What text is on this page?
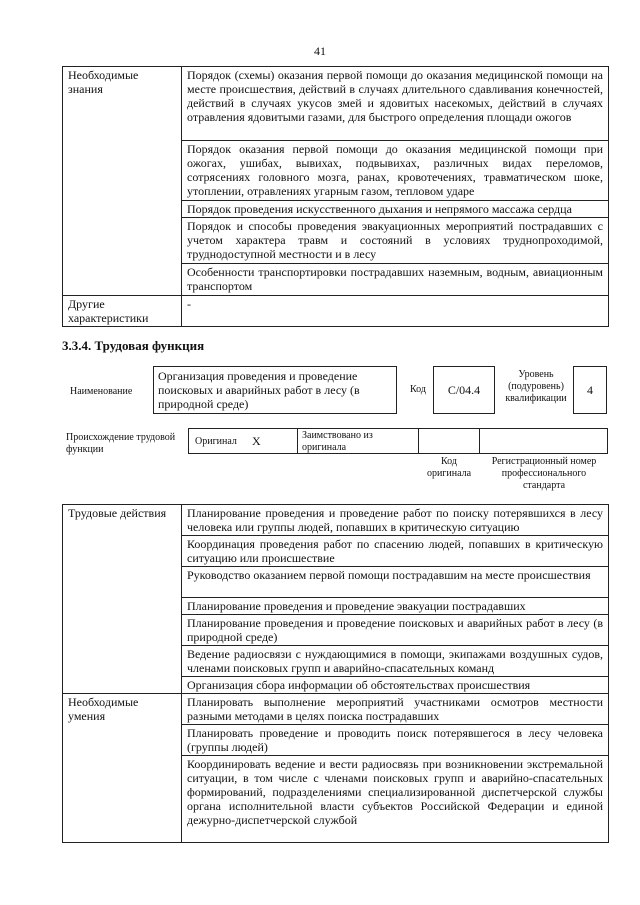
41
Необходимые знания	Порядок (схемы) оказания первой помощи до оказания медицинской помощи на месте происшествия, действий в случаях длительного сдавливания конечностей, действий в случаях укусов змей и ядовитых насекомых, действий в случаях отравления ядовитыми газами, для быстрого определения площади ожогов
	Порядок оказания первой помощи до оказания медицинской помощи при ожогах, ушибах, вывихах, подвывихах, различных видах переломов, сотрясениях головного мозга, ранах, кровотечениях, травматическом шоке, утоплении, отравлениях угарным газом, тепловом ударе
	Порядок проведения искусственного дыхания и непрямого массажа сердца
	Порядок и способы проведения эвакуационных мероприятий пострадавших с учетом характера травм и состояний в условиях труднопроходимой, труднодоступной местности и в лесу
	Особенности транспортировки пострадавших наземным, водным, авиационным транспортом
Другие характеристики	-
3.3.4. Трудовая функция
Наименование
Организация проведения и проведение поисковых и аварийных работ в лесу (в природной среде)
Код	C/04.4
Уровень (подуровень) квалификации
4
Происхождение трудовой функции
Оригинал X	Заимствовано из оригинала
Код оригинала
Регистрационный номер профессионального стандарта
Трудовые действия	Планирование проведения и проведение работ по поиску потерявшихся в лесу человека или группы людей, попавших в критическую ситуацию
	Координация проведения работ по спасению людей, попавших в критическую ситуацию или происшествие
	Руководство оказанием первой помощи пострадавшим на месте происшествия
	Планирование проведения и проведение эвакуации пострадавших
	Планирование проведения и проведение поисковых и аварийных работ в лесу (в природной среде)
	Ведение радиосвязи с нуждающимися в помощи, экипажами воздушных судов, членами поисковых групп и аварийно-спасательных команд
	Организация сбора информации об обстоятельствах происшествия
Необходимые умения	Планировать выполнение мероприятий участниками осмотров местности разными методами в целях поиска пострадавших
	Планировать проведение и проводить поиск потерявшегося в лесу человека (группы людей)
	Координировать ведение и вести радиосвязь при возникновении экстремальной ситуации, в том числе с членами поисковых групп и аварийно-спасательных формирований, подразделениями специализированной диспетчерской службы органа исполнительной власти субъектов Российской Федерации и единой дежурно-диспетчерской службой
